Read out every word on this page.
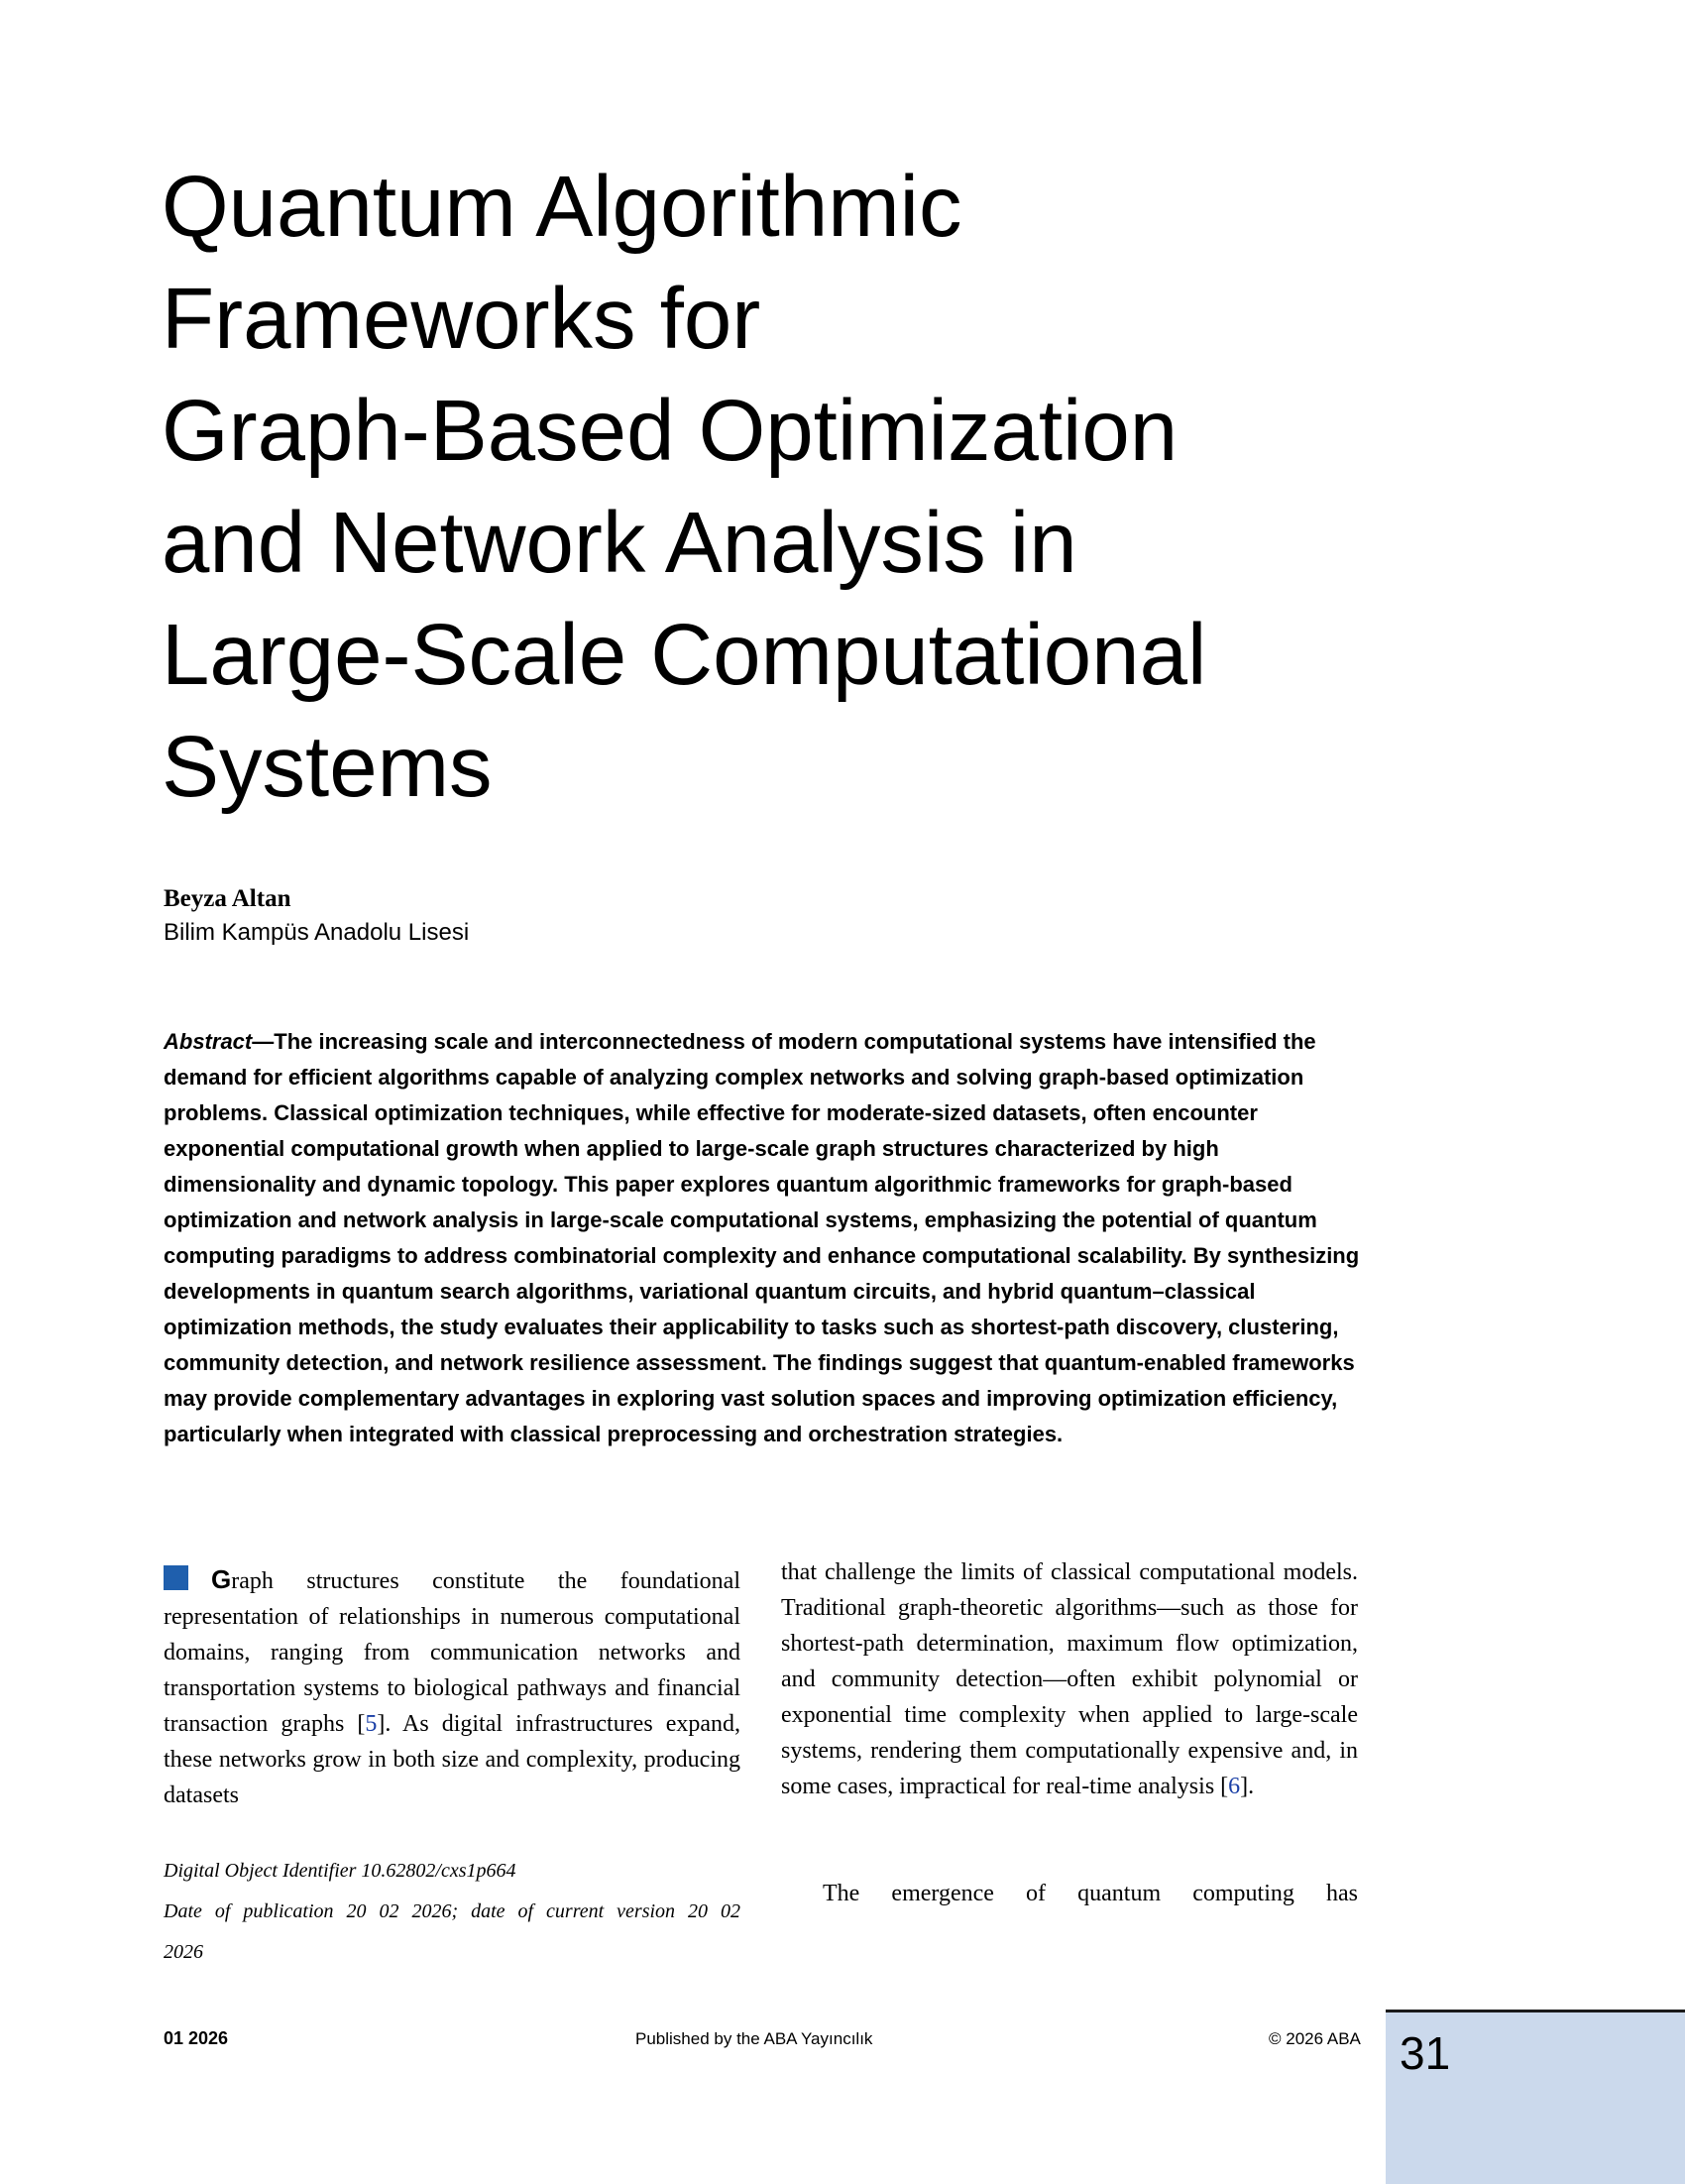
Quantum Algorithmic
Frameworks for
Graph-Based Optimization
and Network Analysis in
Large-Scale Computational
Systems
Beyza Altan
Bilim Kampüs Anadolu Lisesi

Abstract—The increasing scale and interconnectedness of modern computational systems have intensified the demand for efficient algorithms capable of analyzing complex networks and solving graph-based optimization problems. Classical optimization techniques, while effective for moderate-sized datasets, often encounter exponential computational growth when applied to large-scale graph structures characterized by high dimensionality and dynamic topology. This paper explores quantum algorithmic frameworks for graph-based optimization and network analysis in large-scale computational systems, emphasizing the potential of quantum computing paradigms to address combinatorial complexity and enhance computational scalability. By synthesizing developments in quantum search algorithms, variational quantum circuits, and hybrid quantum–classical optimization methods, the study evaluates their applicability to tasks such as shortest-path discovery, clustering, community detection, and network resilience assessment. The findings suggest that quantum-enabled frameworks may provide complementary advantages in exploring vast solution spaces and improving optimization efficiency, particularly when integrated with classical preprocessing and orchestration strategies.

Graph structures constitute the foundational representation of relationships in numerous computational domains, ranging from communication networks and transportation systems to biological pathways and financial transaction graphs [5]. As digital infrastructures expand, these networks grow in both size and complexity, producing datasets

that challenge the limits of classical computational models. Traditional graph-theoretic algorithms—such as those for shortest-path determination, maximum flow optimization, and community detection—often exhibit polynomial or exponential time complexity when applied to large-scale systems, rendering them computationally expensive and, in some cases, impractical for real-time analysis [6].

The emergence of quantum computing has

Digital Object Identifier 10.62802/cxs1p664
Date of publication 20 02 2026; date of current version 20 02
2026
01 2026	Published by the ABA Yayıncılık	© 2026 ABA 31
